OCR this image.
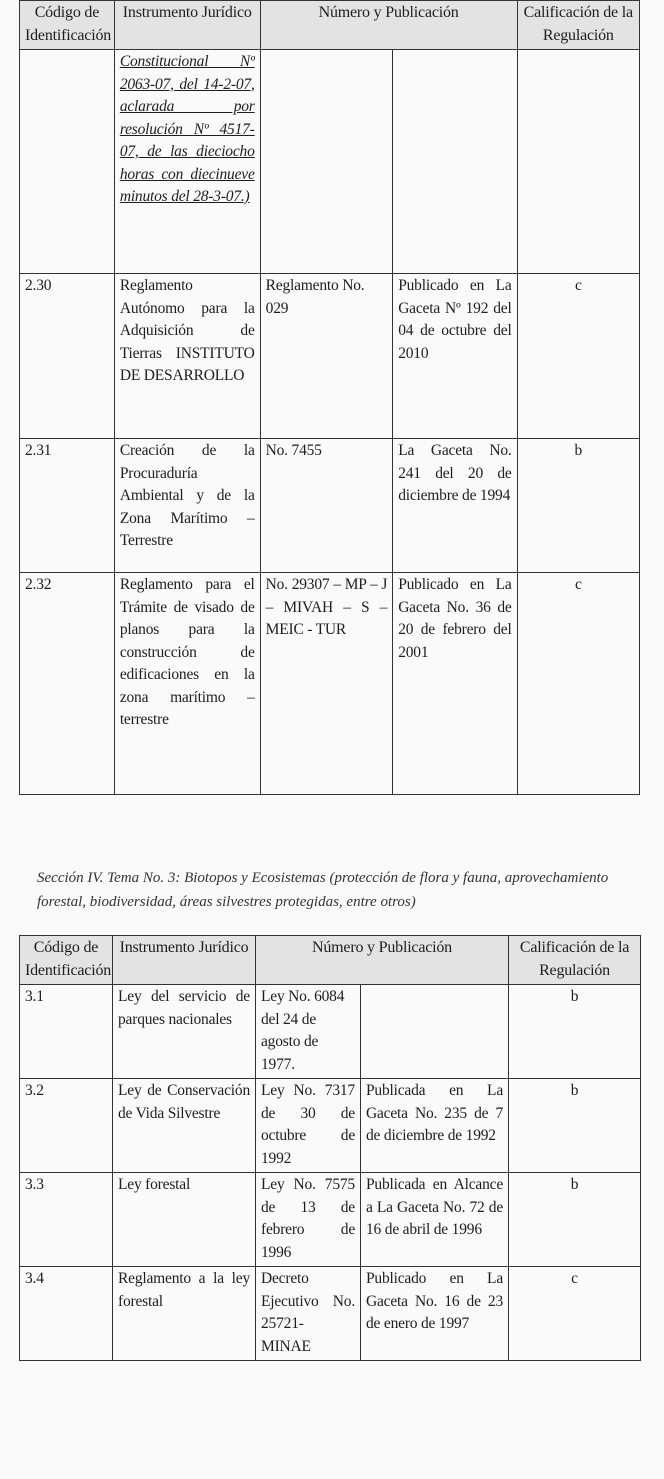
Código de Identificación	Instrumento Jurídico	Número y Publicación		Calificación de la Regulación
	Constitucional Nº 2063-07, del 14-2-07, aclarada por resolución Nº 4517-07, de las dieciocho horas con diecinueve minutos del 28-3-07.)			
2.30	Reglamento Autónomo para la Adquisición de Tierras INSTITUTO DE DESARROLLO	Reglamento No. 029	Publicado en La Gaceta Nº 192 del 04 de octubre del 2010	c
2.31	Creación de la Procuraduría Ambiental y de la Zona Marítimo – Terrestre	No. 7455	La Gaceta No. 241 del 20 de diciembre de 1994	b
2.32	Reglamento para el Trámite de visado de planos para la construcción de edificaciones en la zona marítimo – terrestre	No. 29307 – MP – J – MIVAH – S – MEIC - TUR	Publicado en La Gaceta No. 36 de 20 de febrero del 2001	c
Sección IV. Tema No. 3: Biotopos y Ecosistemas (protección de flora y fauna, aprovechamiento forestal, biodiversidad, áreas silvestres protegidas, entre otros)
Código de Identificación	Instrumento Jurídico	Número y Publicación		Calificación de la Regulación
3.1	Ley del servicio de parques nacionales	Ley No. 6084 del 24 de agosto de 1977.		b
3.2	Ley de Conservación de Vida Silvestre	Ley No. 7317 de 30 de octubre de 1992	Publicada en La Gaceta No. 235 de 7 de diciembre de 1992	b
3.3	Ley forestal	Ley No. 7575 de 13 de febrero de 1996	Publicada en Alcance a La Gaceta No. 72 de 16 de abril de 1996	b
3.4	Reglamento a la ley forestal	Decreto Ejecutivo No. 25721- MINAE	Publicado en La Gaceta No. 16 de 23 de enero de 1997	c
